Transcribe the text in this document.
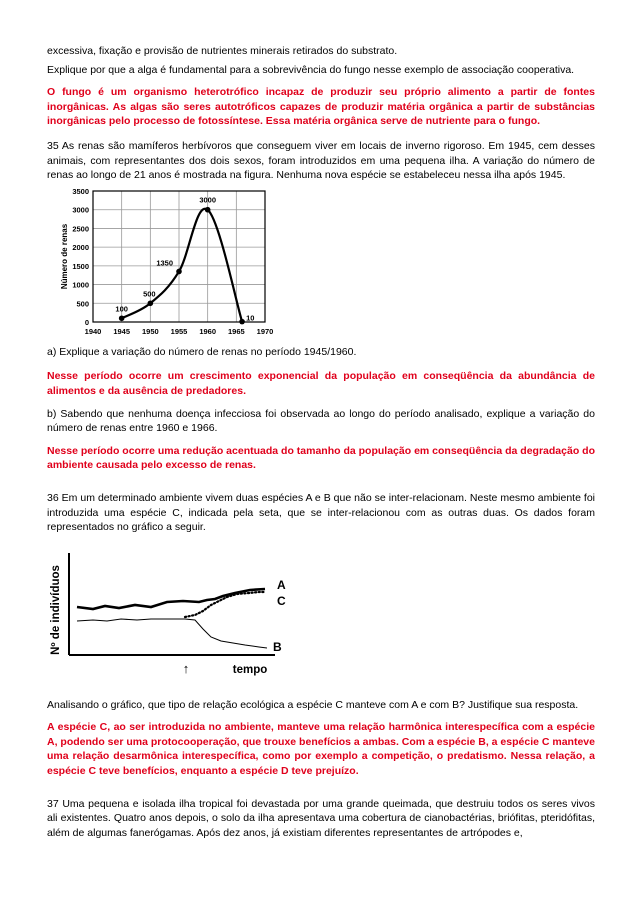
excessiva, fixação e provisão de nutrientes minerais retirados do substrato.

Explique por que a alga é fundamental para a sobrevivência do fungo nesse exemplo de associação cooperativa.

O fungo é um organismo heterotrófico incapaz de produzir seu próprio alimento a partir de fontes inorgânicas. As algas são seres autotróficos capazes de produzir matéria orgânica a partir de substâncias inorgânicas pelo processo de fotossíntese. Essa matéria orgânica serve de nutriente para o fungo.

35 As renas são mamíferos herbívoros que conseguem viver em locais de inverno rigoroso. Em 1945, cem desses animais, com representantes dos dois sexos, foram introduzidos em uma pequena ilha. A variação do número de renas ao longo de 21 anos é mostrada na figura. Nenhuma nova espécie se estabeleceu nessa ilha após 1945.

0
500
1000
1500
2000
2500
3000
3500
1940 1945 1950 1955 1960 1965 1970
Número de renas
100
500
1350
3000
10

a) Explique a variação do número de renas no período 1945/1960.

Nesse período ocorre um crescimento exponencial da população em conseqüência da abundância de alimentos e da ausência de predadores.

b) Sabendo que nenhuma doença infecciosa foi observada ao longo do período analisado, explique a variação do número de renas entre 1960 e 1966.

Nesse período ocorre uma redução acentuada do tamanho da população em conseqüência da degradação do ambiente causada pelo excesso de renas.

36 Em um determinado ambiente vivem duas espécies A e B que não se inter-relacionam. Neste mesmo ambiente foi introduzida uma espécie C, indicada pela seta, que se inter-relacionou com as outras duas. Os dados foram representados no gráfico a seguir.

Nº de indivíduos
tempo
A
C
B
↑

Analisando o gráfico, que tipo de relação ecológica a espécie C manteve com A e com B? Justifique sua resposta.

A espécie C, ao ser introduzida no ambiente, manteve uma relação harmônica interespecífica com a espécie A, podendo ser uma protocooperação, que trouxe benefícios a ambas. Com a espécie B, a espécie C manteve uma relação desarmônica interespecífica, como por exemplo a competição, o predatismo. Nessa relação, a espécie C teve benefícios, enquanto a espécie D teve prejuízo.

37 Uma pequena e isolada ilha tropical foi devastada por uma grande queimada, que destruiu todos os seres vivos ali existentes. Quatro anos depois, o solo da ilha apresentava uma cobertura de cianobactérias, briófitas, pteridófitas, além de algumas fanerógamas. Após dez anos, já existiam diferentes representantes de artrópodes e,
